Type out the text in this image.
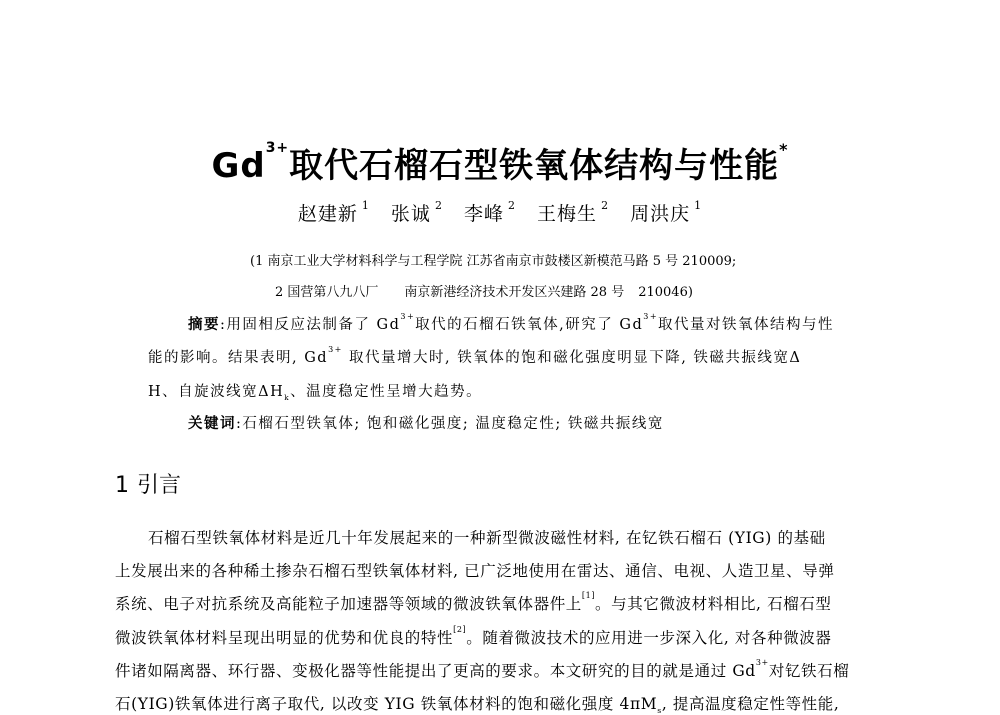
$Gd^{3+}$取代石榴石型铁氧体结构与性能*
赵建新 $^1$ 张诚 $^2$ 李峰 $^2$ 王梅生 $^2$ 周洪庆 $^1$
(1 南京工业大学材料科学与工程学院 江苏省南京市鼓楼区新模范马路 5 号 210009;
2 国营第八九八厂 南京新港经济技术开发区兴建路 28 号 210046)
摘要:用固相反应法制备了 $Gd^{3+}$取代的石榴石铁氧体,研究了 $Gd^{3+}$取代量对铁氧体结构与性
能的影响。结果表明, $Gd^{3+}$ 取代量增大时, 铁氧体的饱和磁化强度明显下降, 铁磁共振线宽Δ
H、自旋波线宽$\Delta H_k$、温度稳定性呈增大趋势。
关键词:石榴石型铁氧体; 饱和磁化强度; 温度稳定性; 铁磁共振线宽
1 引言
石榴石型铁氧体材料是近几十年发展起来的一种新型微波磁性材料, 在钇铁石榴石 (YIG) 的基础
上发展出来的各种稀土掺杂石榴石型铁氧体材料, 已广泛地使用在雷达、通信、电视、人造卫星、导弹
系统、电子对抗系统及高能粒子加速器等领域的微波铁氧体器件上[1]。与其它微波材料相比, 石榴石型
微波铁氧体材料呈现出明显的优势和优良的特性[2]。随着微波技术的应用进一步深入化, 对各种微波器
件诸如隔离器、环行器、变极化器等性能提出了更高的要求。本文研究的目的就是通过 $Gd^{3+}$对钇铁石榴
石(YIG)铁氧体进行离子取代, 以改变 YIG 铁氧体材料的饱和磁化强度 $4\pi M_s$, 提高温度稳定性等性能,
